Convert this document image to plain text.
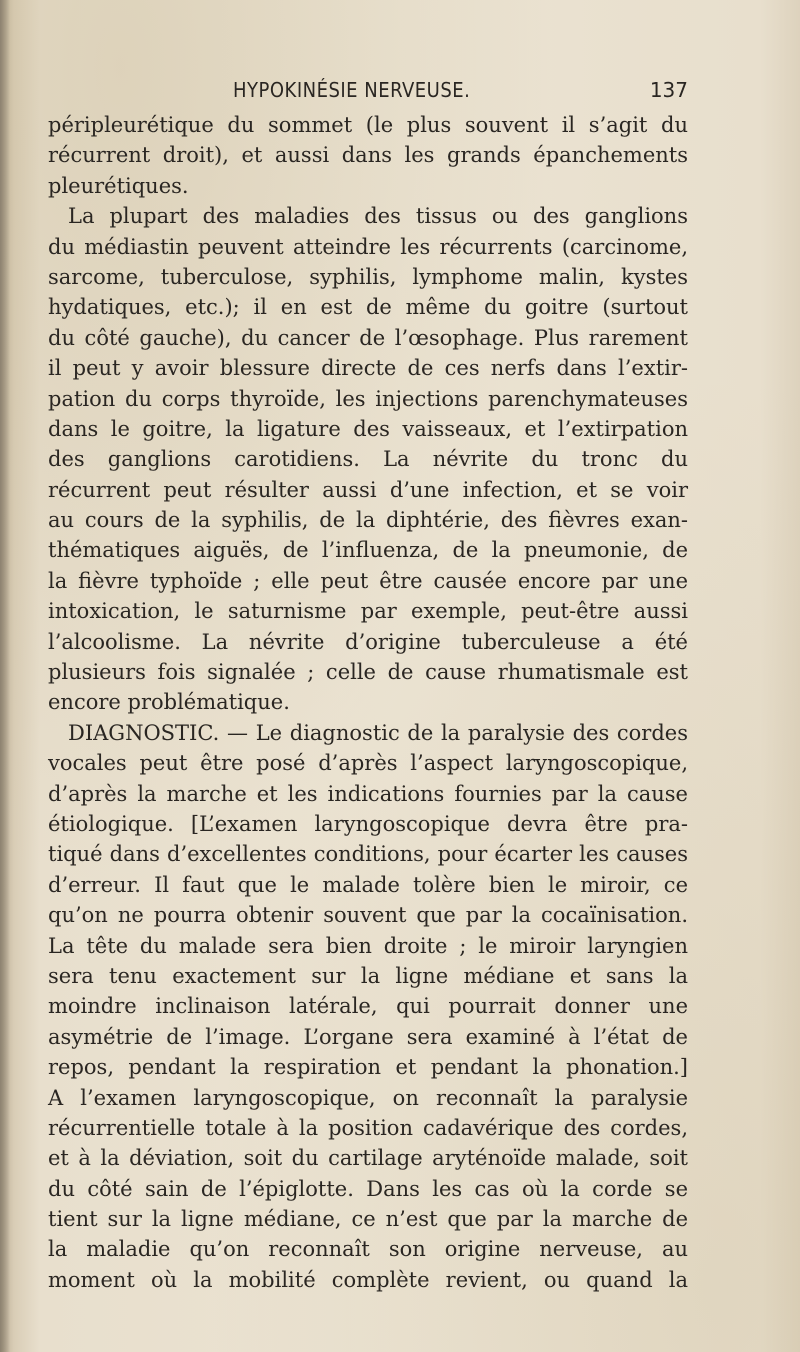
HYPOKINÉSIE NERVEUSE.	137
péripleurétique du sommet (le plus souvent il s’agit du
récurrent droit), et aussi dans les grands épanchements
pleurétiques.
La plupart des maladies des tissus ou des ganglions
du médiastin peuvent atteindre les récurrents (carcinome,
sarcome, tuberculose, syphilis, lymphome malin, kystes
hydatiques, etc.); il en est de même du goitre (surtout
du côté gauche), du cancer de l’œsophage. Plus rarement
il peut y avoir blessure directe de ces nerfs dans l’extir-
pation du corps thyroïde, les injections parenchymateuses
dans le goitre, la ligature des vaisseaux, et l’extirpation
des ganglions carotidiens. La névrite du tronc du
récurrent peut résulter aussi d’une infection, et se voir
au cours de la syphilis, de la diphtérie, des fièvres exan-
thématiques aiguës, de l’influenza, de la pneumonie, de
la fièvre typhoïde ; elle peut être causée encore par une
intoxication, le saturnisme par exemple, peut-être aussi
l’alcoolisme. La névrite d’origine tuberculeuse a été
plusieurs fois signalée ; celle de cause rhumatismale est
encore problématique.
DIAGNOSTIC. — Le diagnostic de la paralysie des cordes
vocales peut être posé d’après l’aspect laryngoscopique,
d’après la marche et les indications fournies par la cause
étiologique. [L’examen laryngoscopique devra être pra-
tiqué dans d’excellentes conditions, pour écarter les causes
d’erreur. Il faut que le malade tolère bien le miroir, ce
qu’on ne pourra obtenir souvent que par la cocaïnisation.
La tête du malade sera bien droite ; le miroir laryngien
sera tenu exactement sur la ligne médiane et sans la
moindre inclinaison latérale, qui pourrait donner une
asymétrie de l’image. L’organe sera examiné à l’état de
repos, pendant la respiration et pendant la phonation.]
A l’examen laryngoscopique, on reconnaît la paralysie
récurrentielle totale à la position cadavérique des cordes,
et à la déviation, soit du cartilage aryténoïde malade, soit
du côté sain de l’épiglotte. Dans les cas où la corde se
tient sur la ligne médiane, ce n’est que par la marche de
la maladie qu’on reconnaît son origine nerveuse, au
moment où la mobilité complète revient, ou quand la
